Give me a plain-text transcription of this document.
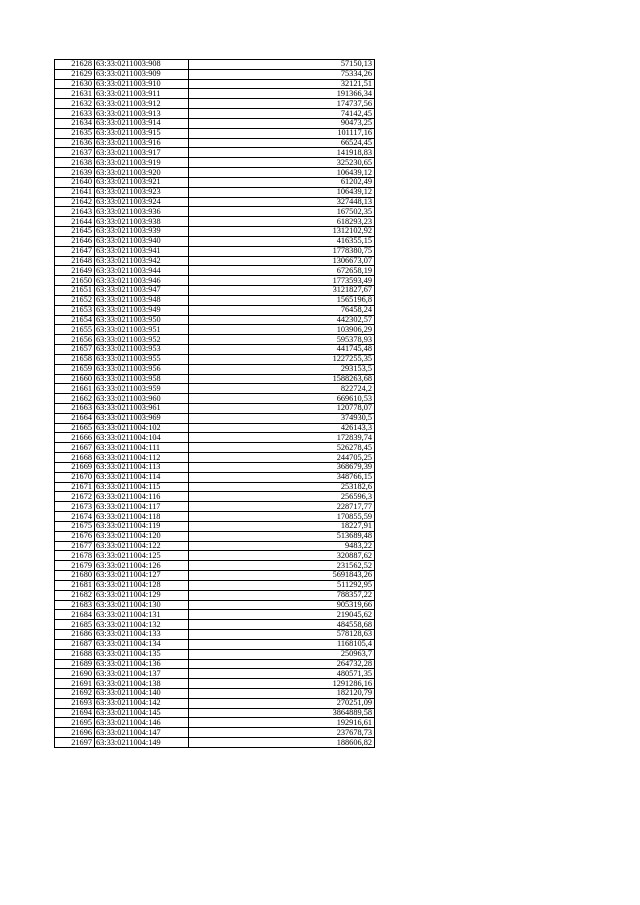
21628	63:33:0211003:908	57150,13
21629	63:33:0211003:909	75334,26
21630	63:33:0211003:910	32121,51
21631	63:33:0211003:911	191366,34
21632	63:33:0211003:912	174737,56
21633	63:33:0211003:913	74142,45
21634	63:33:0211003:914	90473,25
21635	63:33:0211003:915	101117,16
21636	63:33:0211003:916	66524,45
21637	63:33:0211003:917	141918,83
21638	63:33:0211003:919	325230,65
21639	63:33:0211003:920	106439,12
21640	63:33:0211003:921	61202,49
21641	63:33:0211003:923	106439,12
21642	63:33:0211003:924	327448,13
21643	63:33:0211003:936	167502,35
21644	63:33:0211003:938	618293,23
21645	63:33:0211003:939	1312102,92
21646	63:33:0211003:940	416355,15
21647	63:33:0211003:941	1778380,75
21648	63:33:0211003:942	1306673,07
21649	63:33:0211003:944	672658,19
21650	63:33:0211003:946	1773593,49
21651	63:33:0211003:947	3121827,67
21652	63:33:0211003:948	1565196,8
21653	63:33:0211003:949	76458,24
21654	63:33:0211003:950	442302,57
21655	63:33:0211003:951	103906,29
21656	63:33:0211003:952	595378,93
21657	63:33:0211003:953	441745,48
21658	63:33:0211003:955	1227255,35
21659	63:33:0211003:956	293153,5
21660	63:33:0211003:958	1588263,68
21661	63:33:0211003:959	822724,2
21662	63:33:0211003:960	669610,53
21663	63:33:0211003:961	120778,07
21664	63:33:0211003:969	374930,5
21665	63:33:0211004:102	426143,3
21666	63:33:0211004:104	172839,74
21667	63:33:0211004:111	526278,45
21668	63:33:0211004:112	244705,25
21669	63:33:0211004:113	368679,39
21670	63:33:0211004:114	348766,15
21671	63:33:0211004:115	253182,6
21672	63:33:0211004:116	256596,3
21673	63:33:0211004:117	228717,77
21674	63:33:0211004:118	170855,59
21675	63:33:0211004:119	18227,91
21676	63:33:0211004:120	513689,48
21677	63:33:0211004:122	9483,22
21678	63:33:0211004:125	320887,62
21679	63:33:0211004:126	231562,52
21680	63:33:0211004:127	5691843,26
21681	63:33:0211004:128	511292,95
21682	63:33:0211004:129	788357,22
21683	63:33:0211004:130	905319,66
21684	63:33:0211004:131	219045,62
21685	63:33:0211004:132	484558,68
21686	63:33:0211004:133	578128,63
21687	63:33:0211004:134	1168105,4
21688	63:33:0211004:135	250963,7
21689	63:33:0211004:136	264732,28
21690	63:33:0211004:137	480571,35
21691	63:33:0211004:138	1291286,16
21692	63:33:0211004:140	182120,79
21693	63:33:0211004:142	270251,09
21694	63:33:0211004:145	3864889,58
21695	63:33:0211004:146	192916,61
21696	63:33:0211004:147	237678,73
21697	63:33:0211004:149	188606,82
